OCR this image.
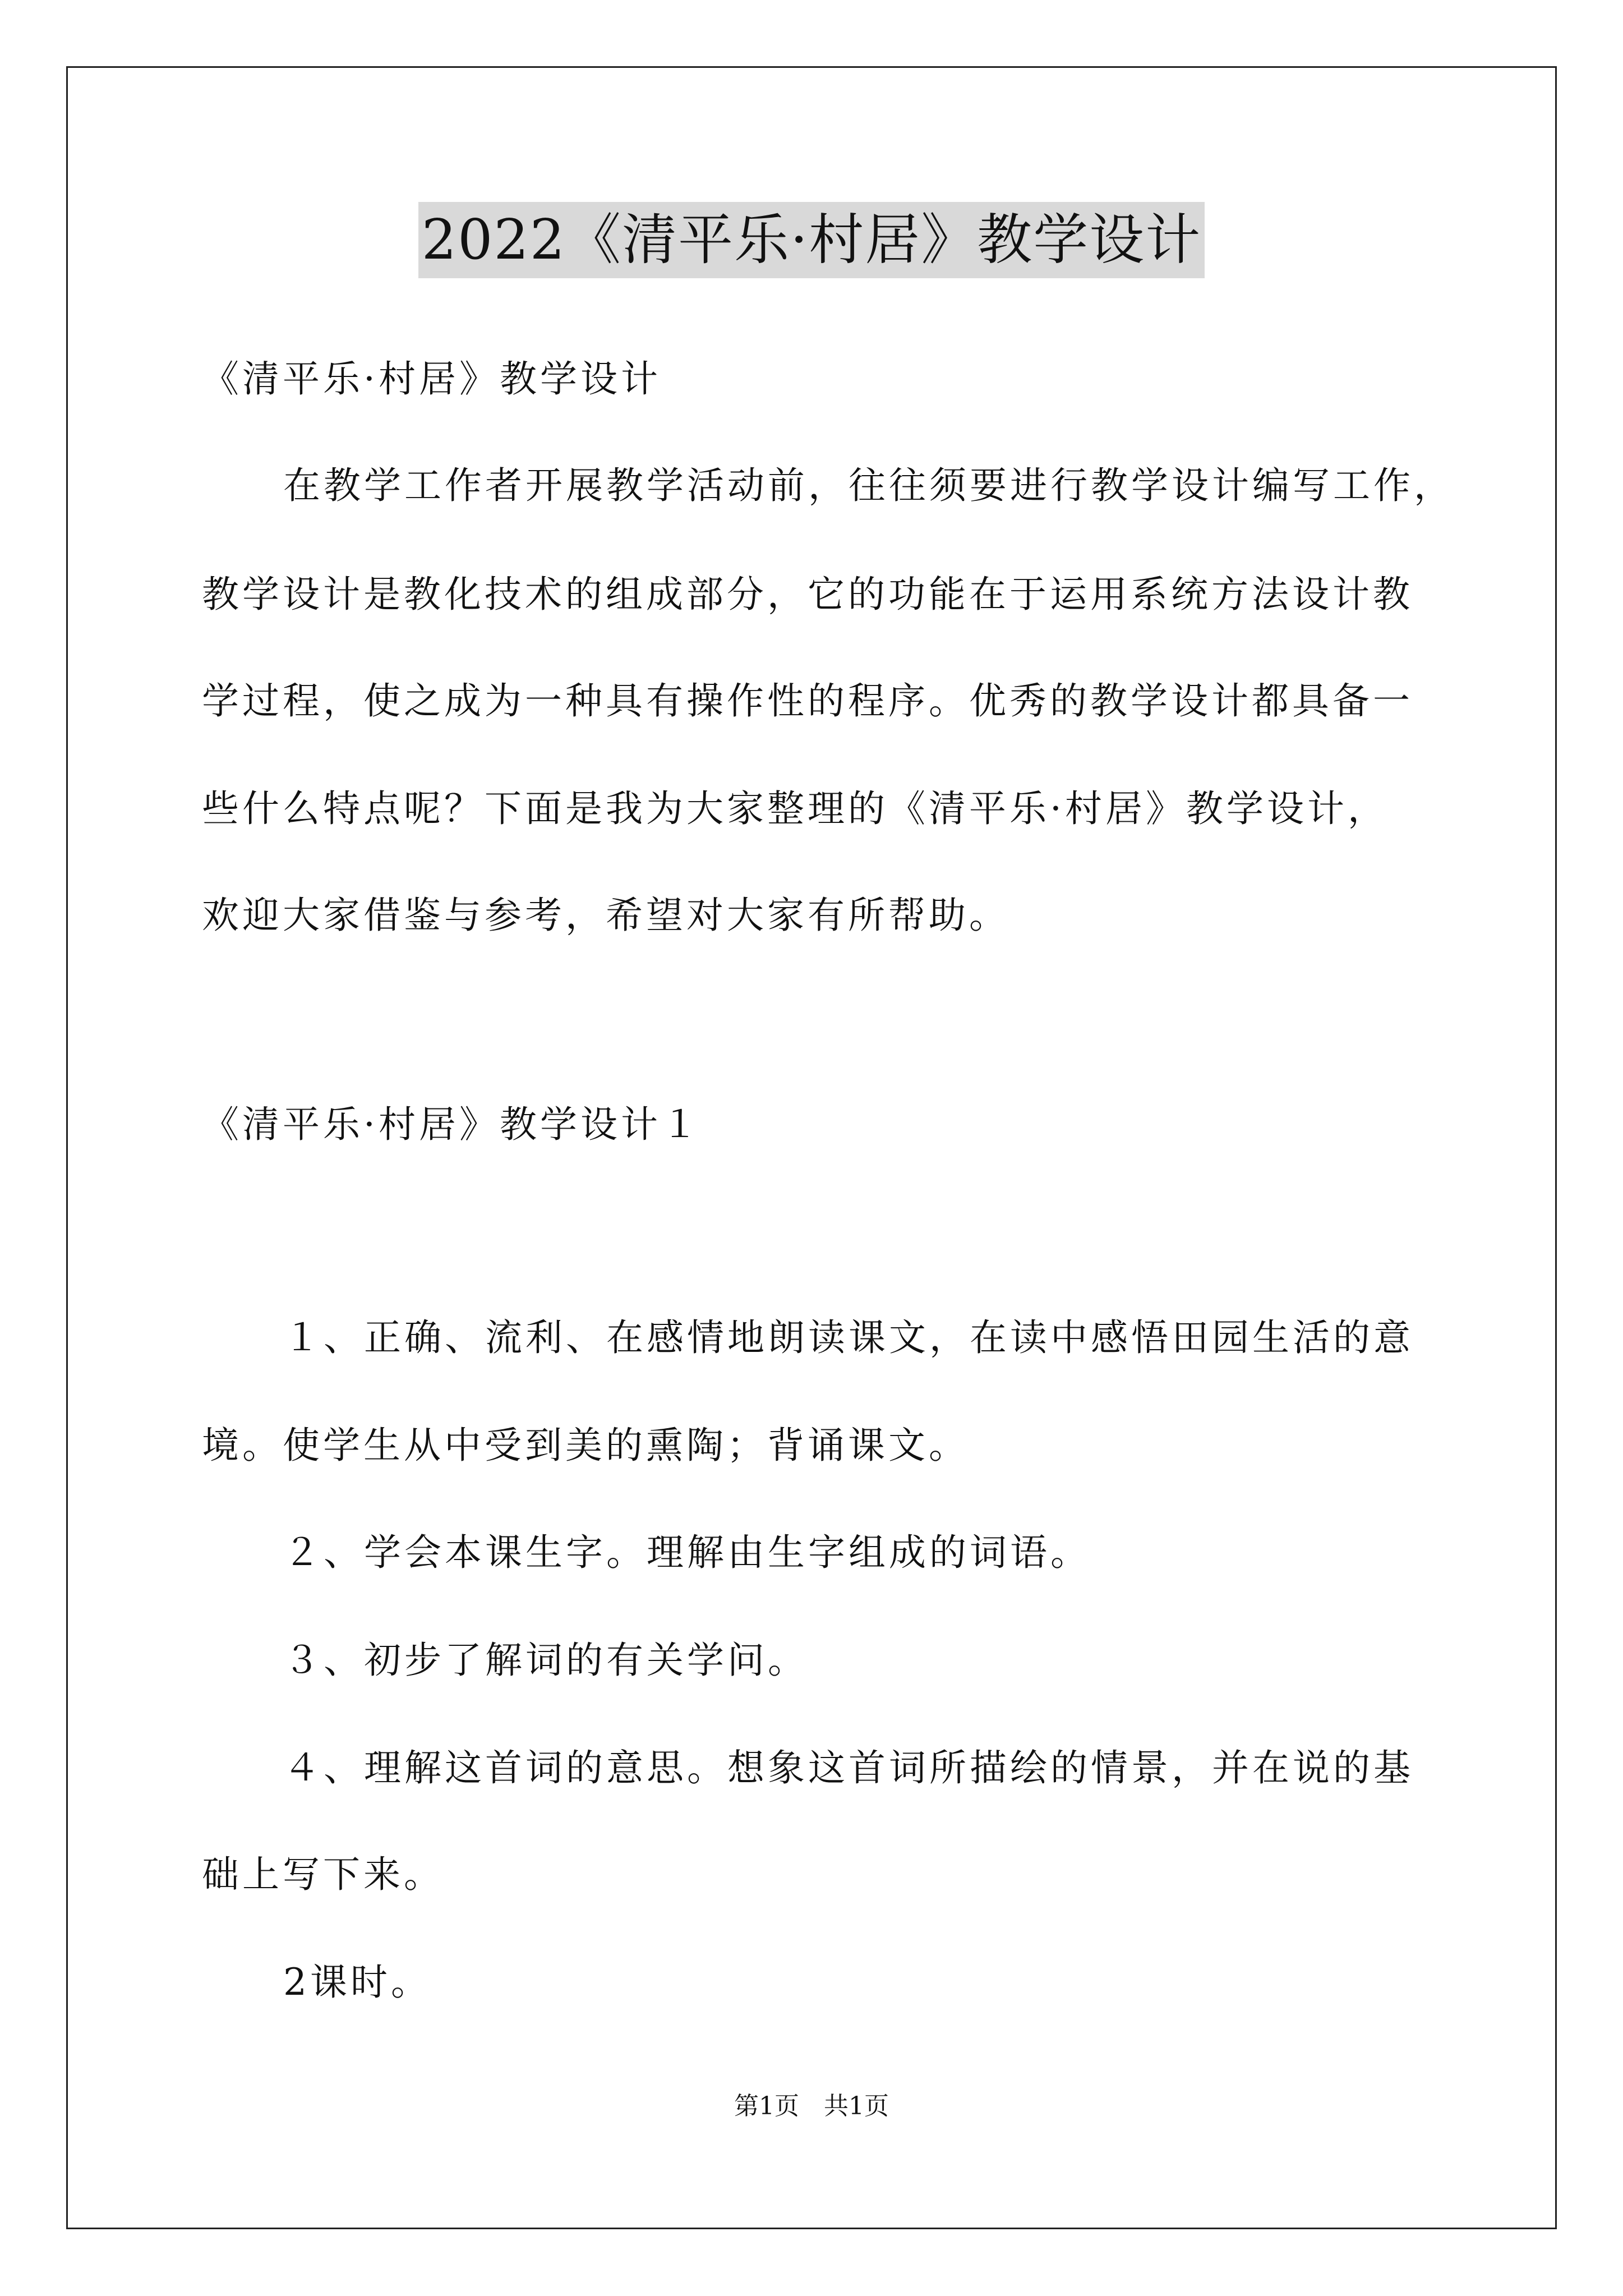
2022《清平乐·村居》教学设计
《清平乐·村居》教学设计
在教学工作者开展教学活动前，往往须要进行教学设计编写工作，
教学设计是教化技术的组成部分，它的功能在于运用系统方法设计教
学过程，使之成为一种具有操作性的程序。优秀的教学设计都具备一
些什么特点呢？下面是我为大家整理的《清平乐·村居》教学设计，
欢迎大家借鉴与参考，希望对大家有所帮助。
《清平乐·村居》教学设计１
１、正确、流利、在感情地朗读课文，在读中感悟田园生活的意
境。使学生从中受到美的熏陶；背诵课文。
２、学会本课生字。理解由生字组成的词语。
３、初步了解词的有关学问。
４、理解这首词的意思。想象这首词所描绘的情景，并在说的基
础上写下来。
2课时。
第1页　共1页
